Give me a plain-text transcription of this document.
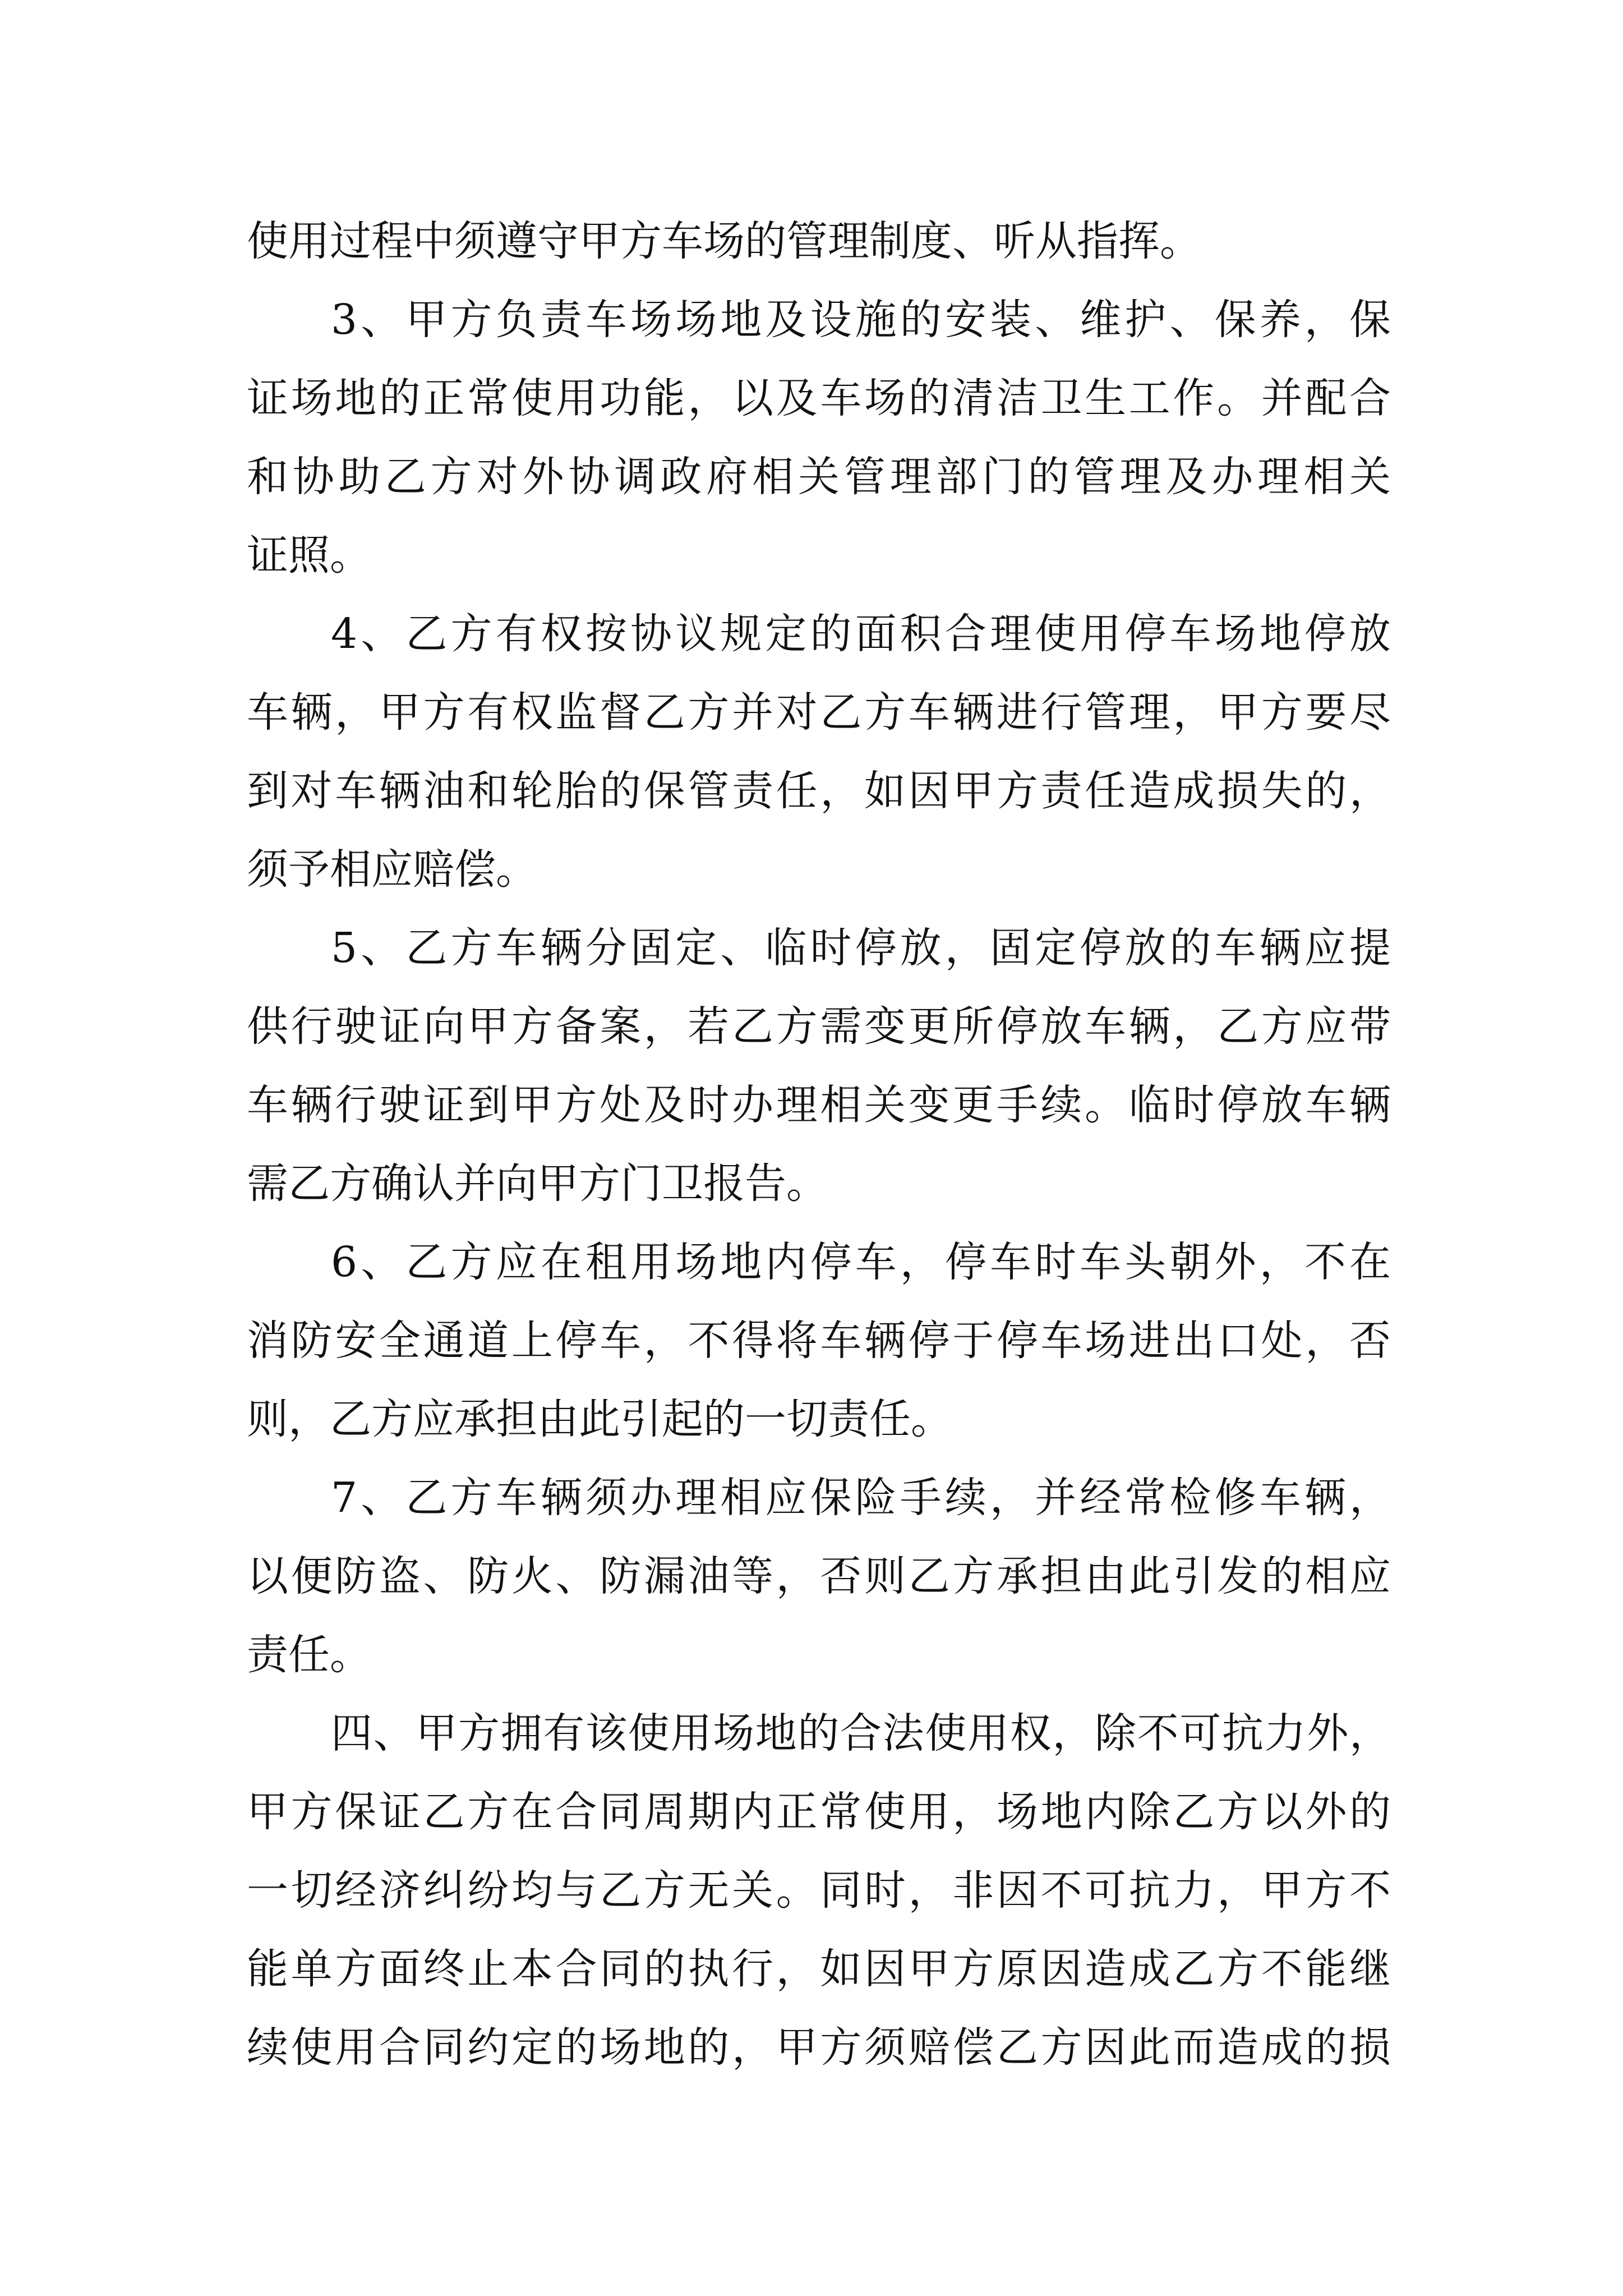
使用过程中须遵守甲方车场的管理制度、听从指挥。
3、甲方负责车场场地及设施的安装、维护、保养，保
证场地的正常使用功能，以及车场的清洁卫生工作。并配合
和协助乙方对外协调政府相关管理部门的管理及办理相关
证照。
4、乙方有权按协议规定的面积合理使用停车场地停放
车辆，甲方有权监督乙方并对乙方车辆进行管理，甲方要尽
到对车辆油和轮胎的保管责任，如因甲方责任造成损失的，
须予相应赔偿。
5、乙方车辆分固定、临时停放，固定停放的车辆应提
供行驶证向甲方备案，若乙方需变更所停放车辆，乙方应带
车辆行驶证到甲方处及时办理相关变更手续。临时停放车辆
需乙方确认并向甲方门卫报告。
6、乙方应在租用场地内停车，停车时车头朝外，不在
消防安全通道上停车，不得将车辆停于停车场进出口处，否
则，乙方应承担由此引起的一切责任。
7、乙方车辆须办理相应保险手续，并经常检修车辆，
以便防盗、防火、防漏油等，否则乙方承担由此引发的相应
责任。
四、甲方拥有该使用场地的合法使用权，除不可抗力外，
甲方保证乙方在合同周期内正常使用，场地内除乙方以外的
一切经济纠纷均与乙方无关。同时，非因不可抗力，甲方不
能单方面终止本合同的执行，如因甲方原因造成乙方不能继
续使用合同约定的场地的，甲方须赔偿乙方因此而造成的损
